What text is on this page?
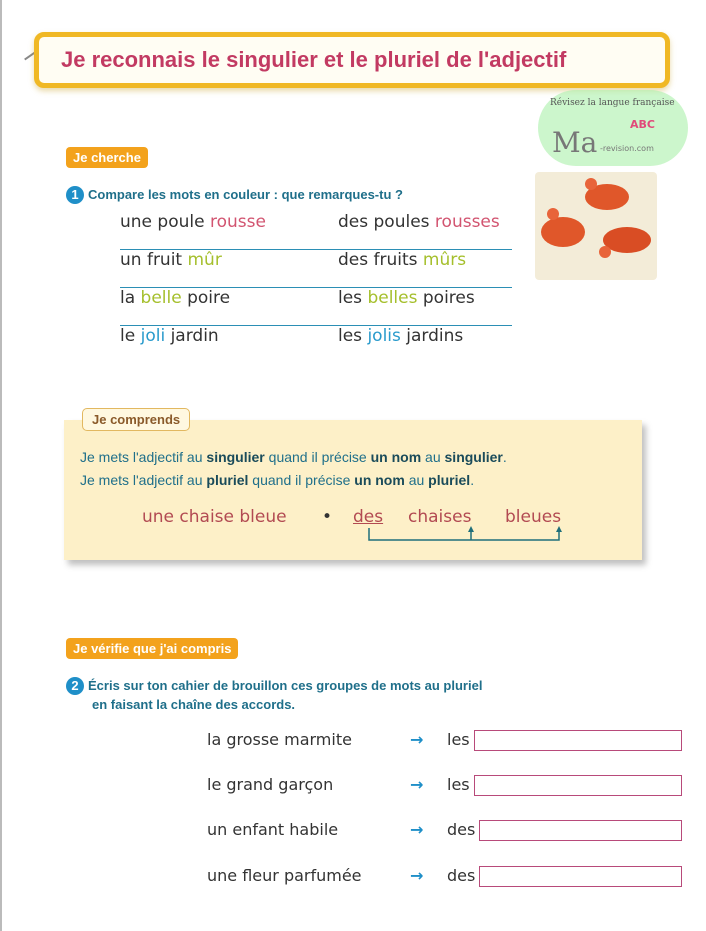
Je reconnais le singulier et le pluriel de l'adjectif
Révisez la langue française
Ma -revision.com
ABC
Je cherche
1 Compare les mots en couleur : que remarques-tu ?
une poule rousse	des poules rousses
un fruit mûr	des fruits mûrs
la belle poire	les belles poires
le joli jardin	les jolis jardins
Je mets l'adjectif au singulier quand il précise un nom au singulier.
Je mets l'adjectif au pluriel quand il précise un nom au pluriel.
une chaise bleue • des chaises bleues
Je comprends
Je vérifie que j'ai compris
2 Écris sur ton cahier de brouillon ces groupes de mots au pluriel
en faisant la chaîne des accords.
la grosse marmite	→ les
le grand garçon	→ les
un enfant habile	→ des
une fleur parfumée	→ des
